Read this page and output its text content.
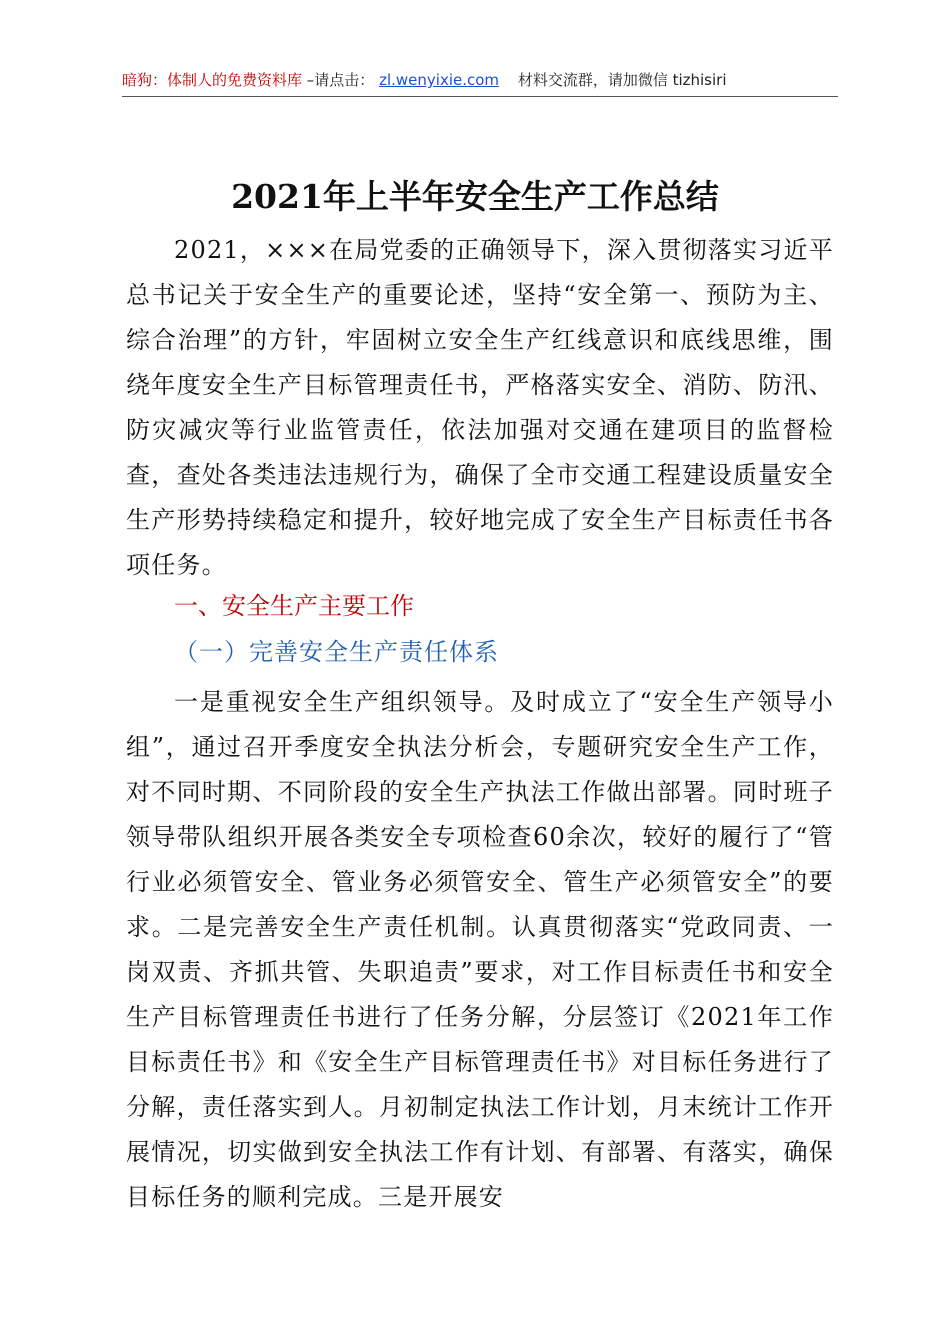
暗狗：体制人的免费资料库 –请点击： zl.wenyixie.com 材料交流群，请加微信 tizhisiri
2021年上半年安全生产工作总结

2021，×××在局党委的正确领导下，深入贯彻落实习近平总书记关于安全生产的重要论述，坚持“安全第一、预防为主、综合治理”的方针，牢固树立安全生产红线意识和底线思维，围绕年度安全生产目标管理责任书，严格落实安全、消防、防汛、防灾减灾等行业监管责任，依法加强对交通在建项目的监督检查，查处各类违法违规行为，确保了全市交通工程建设质量安全生产形势持续稳定和提升，较好地完成了安全生产目标责任书各项任务。

一、安全生产主要工作
（一）完善安全生产责任体系

一是重视安全生产组织领导。及时成立了“安全生产领导小组”，通过召开季度安全执法分析会，专题研究安全生产工作，对不同时期、不同阶段的安全生产执法工作做出部署。同时班子领导带队组织开展各类安全专项检查60余次，较好的履行了“管行业必须管安全、管业务必须管安全、管生产必须管安全”的要求。二是完善安全生产责任机制。认真贯彻落实“党政同责、一岗双责、齐抓共管、失职追责”要求，对工作目标责任书和安全生产目标管理责任书进行了任务分解，分层签订《2021年工作目标责任书》和《安全生产目标管理责任书》对目标任务进行了分解，责任落实到人。月初制定执法工作计划，月末统计工作开展情况，切实做到安全执法工作有计划、有部署、有落实，确保目标任务的顺利完成。三是开展安
